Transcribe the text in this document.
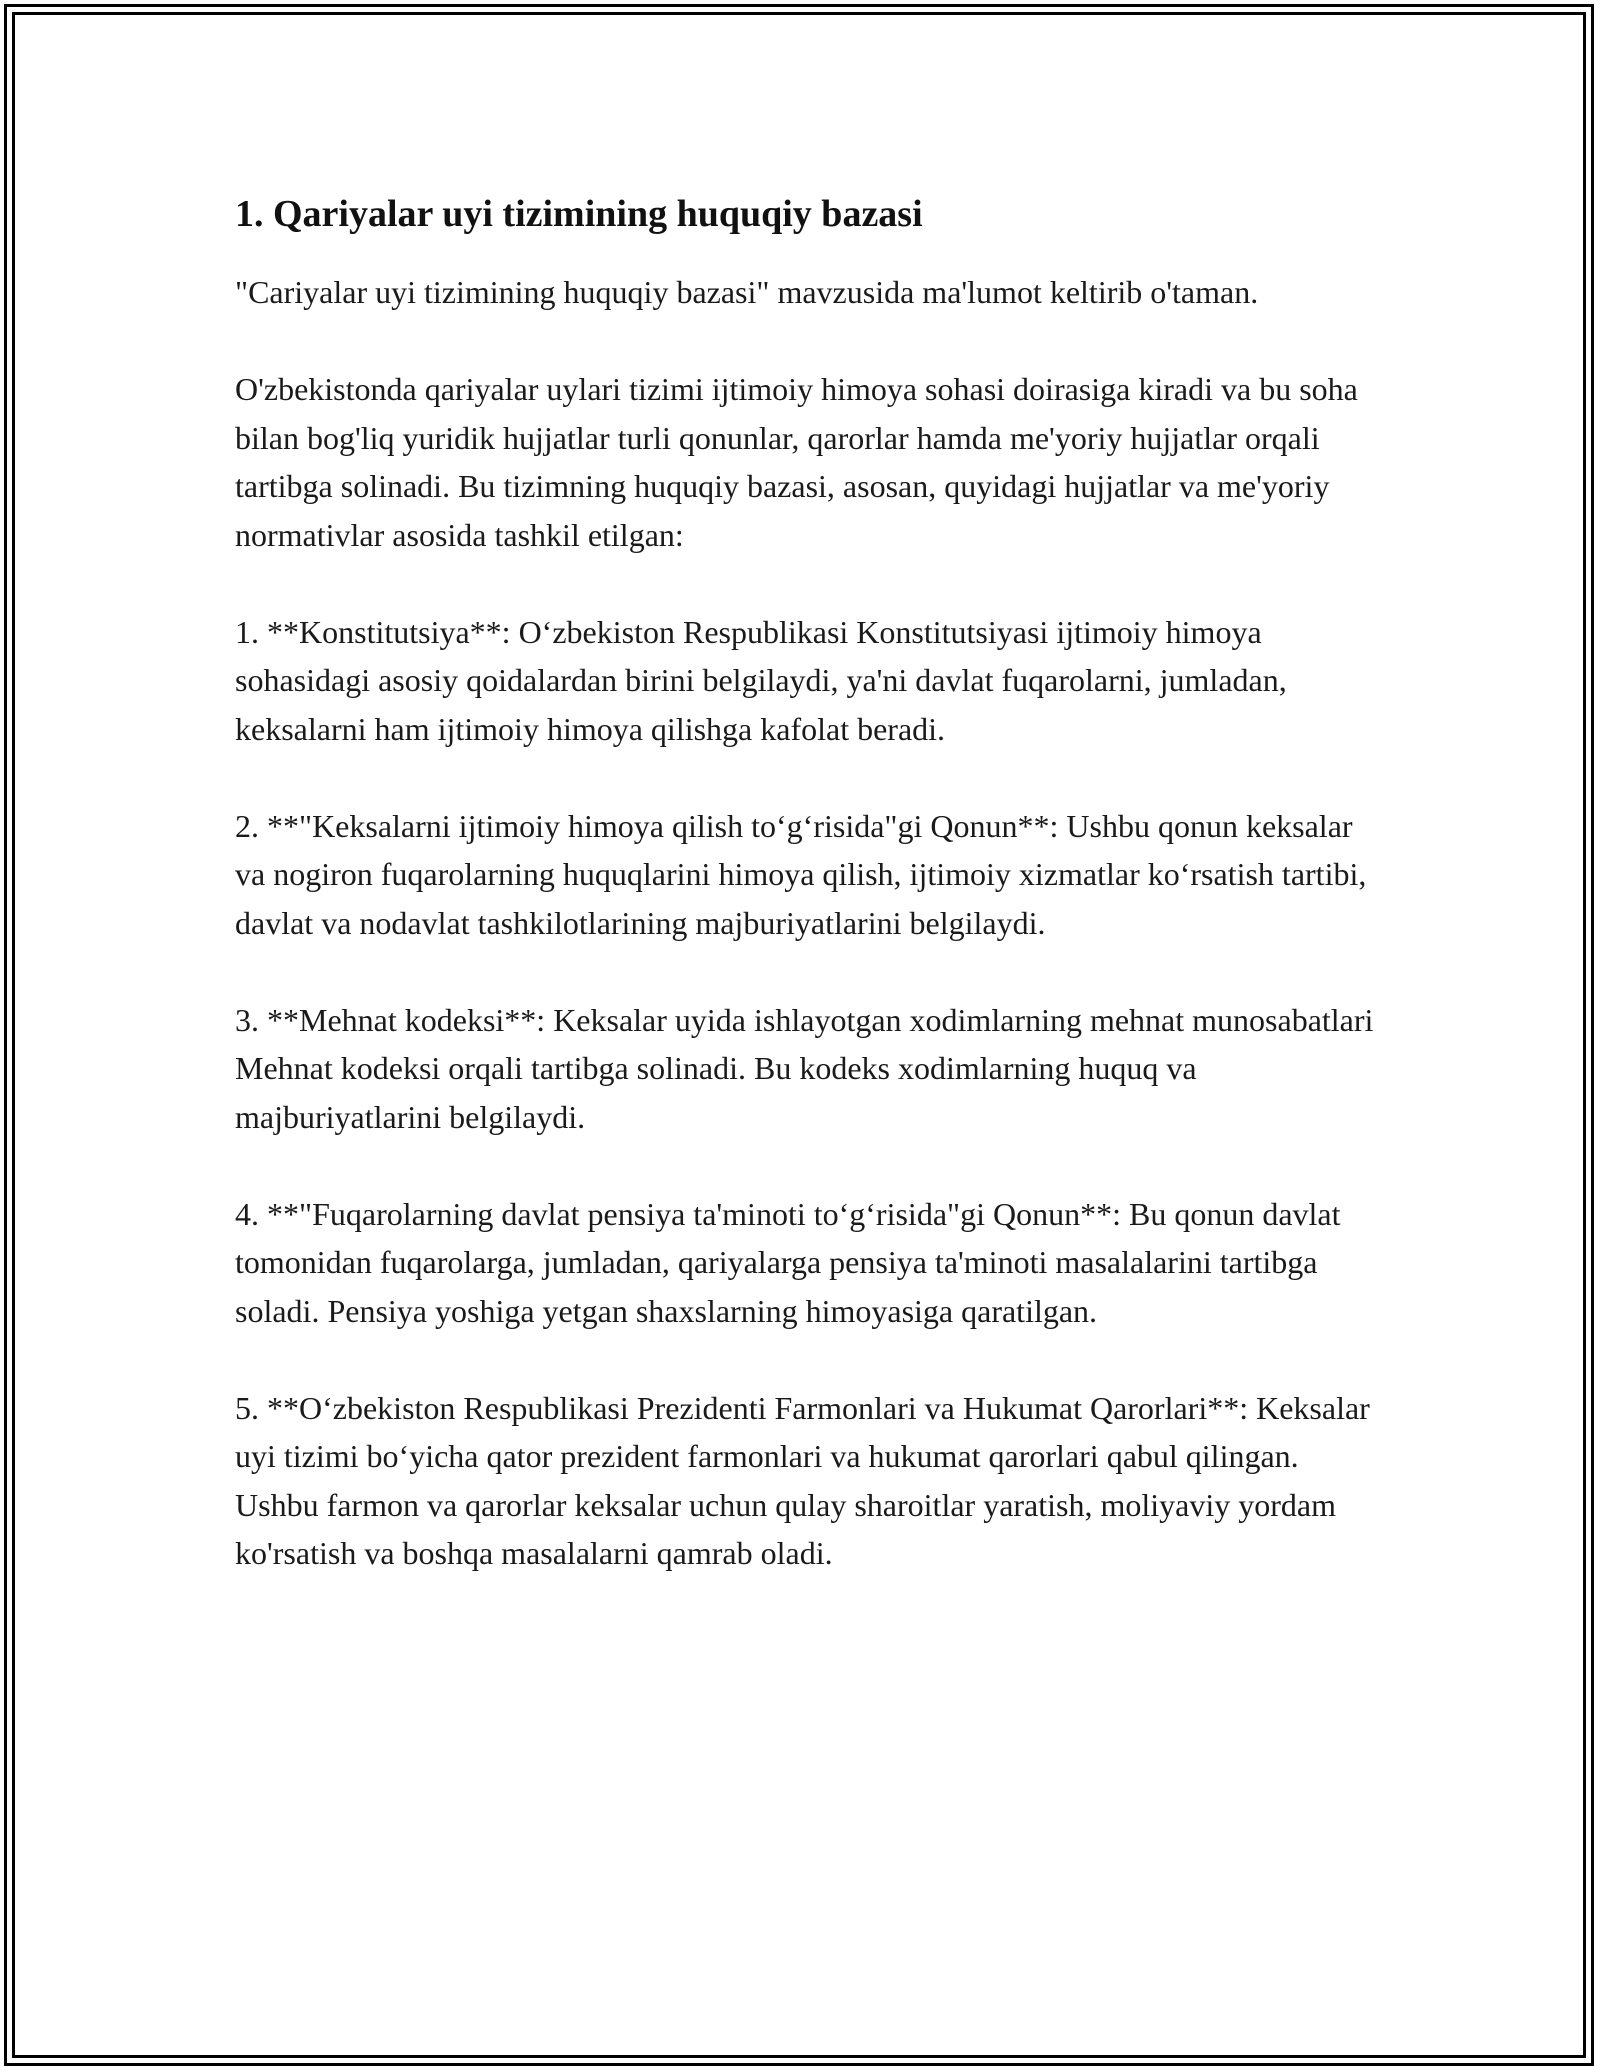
1. Qariyalar uyi tizimining huquqiy bazasi

"Cariyalar uyi tizimining huquqiy bazasi" mavzusida ma'lumot keltirib o'taman.

O'zbekistonda qariyalar uylari tizimi ijtimoiy himoya sohasi doirasiga kiradi va bu soha bilan bog'liq yuridik hujjatlar turli qonunlar, qarorlar hamda me'yoriy hujjatlar orqali tartibga solinadi. Bu tizimning huquqiy bazasi, asosan, quyidagi hujjatlar va me'yoriy normativlar asosida tashkil etilgan:

1. **Konstitutsiya**: O‘zbekiston Respublikasi Konstitutsiyasi ijtimoiy himoya sohasidagi asosiy qoidalardan birini belgilaydi, ya'ni davlat fuqarolarni, jumladan, keksalarni ham ijtimoiy himoya qilishga kafolat beradi.

2. **"Keksalarni ijtimoiy himoya qilish to‘g‘risida"gi Qonun**: Ushbu qonun keksalar va nogiron fuqarolarning huquqlarini himoya qilish, ijtimoiy xizmatlar ko‘rsatish tartibi, davlat va nodavlat tashkilotlarining majburiyatlarini belgilaydi.

3. **Mehnat kodeksi**: Keksalar uyida ishlayotgan xodimlarning mehnat munosabatlari Mehnat kodeksi orqali tartibga solinadi. Bu kodeks xodimlarning huquq va majburiyatlarini belgilaydi.

4. **"Fuqarolarning davlat pensiya ta'minoti to‘g‘risida"gi Qonun**: Bu qonun davlat tomonidan fuqarolarga, jumladan, qariyalarga pensiya ta'minoti masalalarini tartibga soladi. Pensiya yoshiga yetgan shaxslarning himoyasiga qaratilgan.

5. **O‘zbekiston Respublikasi Prezidenti Farmonlari va Hukumat Qarorlari**: Keksalar uyi tizimi bo‘yicha qator prezident farmonlari va hukumat qarorlari qabul qilingan. Ushbu farmon va qarorlar keksalar uchun qulay sharoitlar yaratish, moliyaviy yordam ko'rsatish va boshqa masalalarni qamrab oladi.
